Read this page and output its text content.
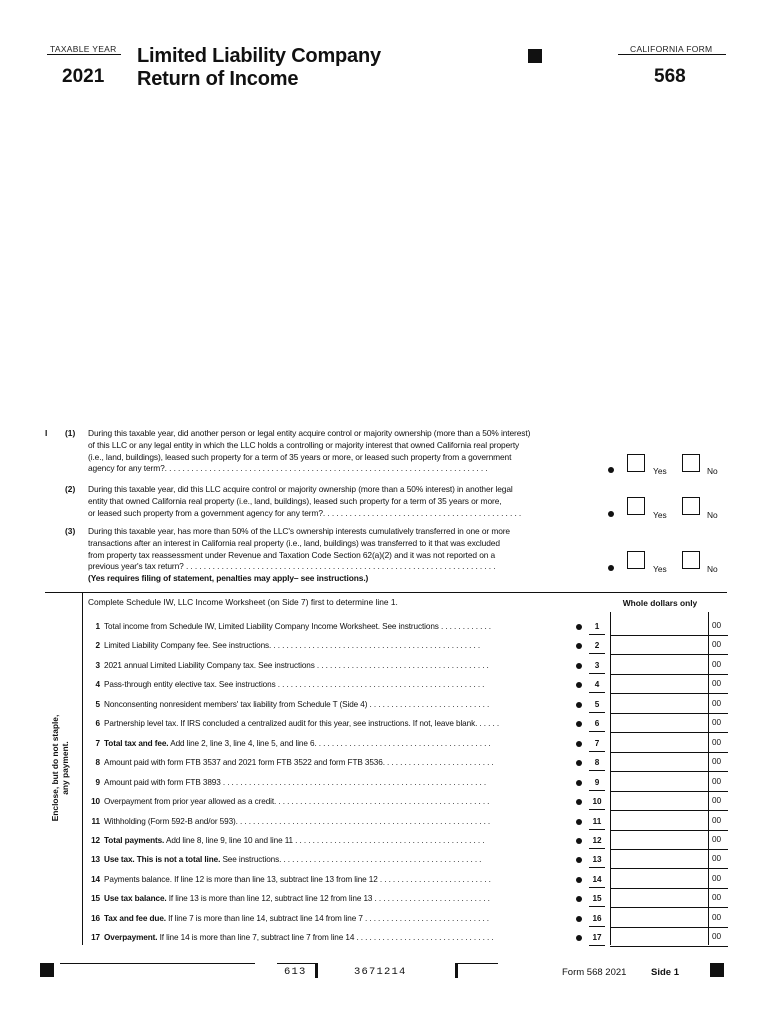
TAXABLE YEAR
2021
Limited Liability Company
Return of Income
CALIFORNIA FORM
568
I (1) During this taxable year, did another person or legal entity acquire control or majority ownership (more than a 50% interest)
of this LLC or any legal entity in which the LLC holds a controlling or majority interest that owned California real property
(i.e., land, buildings), leased such property for a term of 35 years or more, or leased such property from a government
agency for any term?. . . . . . . . . . . . . . . . . . . . . . . . . . . . . . . . . . . . . . . . . . . . . . . . . . . . . . . . . . . . . . . . . . . . . . . . .	Yes	No
(2) During this taxable year, did this LLC acquire control or majority ownership (more than a 50% interest) in another legal
entity that owned California real property (i.e., land, buildings), leased such property for a term of 35 years or more,
or leased such property from a government agency for any term?. . . . . . . . . . . . . . . . . . . . . . . . . . . . . . . . . . . . . . . . . . . . .	Yes	No
(3) During this taxable year, has more than 50% of the LLC's ownership interests cumulatively transferred in one or more
transactions after an interest in California real property (i.e., land, buildings) was transferred to it that was excluded
from property tax reassessment under Revenue and Taxation Code Section 62(a)(2) and it was not reported on a
previous year's tax return? . . . . . . . . . . . . . . . . . . . . . . . . . . . . . . . . . . . . . . . . . . . . . . . . . . . . . . . . . . . . . . . . . . . . . .
(Yes requires filing of statement, penalties may apply– see instructions.)
Yes	No
Complete Schedule IW, LLC Income Worksheet (on Side 7) first to determine line 1.	Whole dollars only
Enclose, but do not staple, any payment.
1 Total income from Schedule IW, Limited Liability Company Income Worksheet. See instructions . . . . . . . . . . . .	1	00
2 Limited Liability Company fee. See instructions. . . . . . . . . . . . . . . . . . . . . . . . . . . . . . . . . . . . . . . . . . . . . . . . .	2	00
3 2021 annual Limited Liability Company tax. See instructions . . . . . . . . . . . . . . . . . . . . . . . . . . . . . . . . . . . . . . . .	3	00
4 Pass-through entity elective tax. See instructions . . . . . . . . . . . . . . . . . . . . . . . . . . . . . . . . . . . . . . . . . . . . . . . .	4	00
5 Nonconsenting nonresident members' tax liability from Schedule T (Side 4) . . . . . . . . . . . . . . . . . . . . . . . . . . . .	5	00
6 Partnership level tax. If IRS concluded a centralized audit for this year, see instructions. If not, leave blank. . . . . .	6	00
7 Total tax and fee. Add line 2, line 3, line 4, line 5, and line 6. . . . . . . . . . . . . . . . . . . . . . . . . . . . . . . . . . . . . . . . .	7	00
8 Amount paid with form FTB 3537 and 2021 form FTB 3522 and form FTB 3536. . . . . . . . . . . . . . . . . . . . . . . . . .	8	00
9 Amount paid with form FTB 3893 . . . . . . . . . . . . . . . . . . . . . . . . . . . . . . . . . . . . . . . . . . . . . . . . . . . . . . . . . . . . .	9	00
10 Overpayment from prior year allowed as a credit. . . . . . . . . . . . . . . . . . . . . . . . . . . . . . . . . . . . . . . . . . . . . . . . . .	10	00
11 Withholding (Form 592-B and/or 593). . . . . . . . . . . . . . . . . . . . . . . . . . . . . . . . . . . . . . . . . . . . . . . . . . . . . . . . . . .	11	00
12 Total payments. Add line 8, line 9, line 10 and line 11 . . . . . . . . . . . . . . . . . . . . . . . . . . . . . . . . . . . . . . . . . . . .	12	00
13 Use tax. This is not a total line. See instructions. . . . . . . . . . . . . . . . . . . . . . . . . . . . . . . . . . . . . . . . . . . . . . .	13	00
14 Payments balance. If line 12 is more than line 13, subtract line 13 from line 12 . . . . . . . . . . . . . . . . . . . . . . . . . .	14	00
15 Use tax balance. If line 13 is more than line 12, subtract line 12 from line 13 . . . . . . . . . . . . . . . . . . . . . . . . . . .	15	00
16 Tax and fee due. If line 7 is more than line 14, subtract line 14 from line 7 . . . . . . . . . . . . . . . . . . . . . . . . . . . . .	16	00
17 Overpayment. If line 14 is more than line 7, subtract line 7 from line 14 . . . . . . . . . . . . . . . . . . . . . . . . . . . . . . . .	17	00
613	3671214	Form 568 2021	Side 1
